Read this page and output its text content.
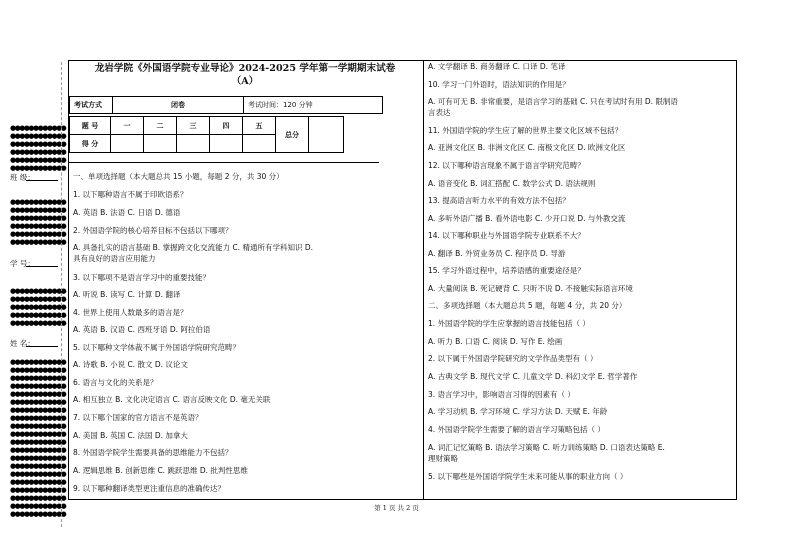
●●●●●●●●●●●●
●●●●●●●●●●●●
●●●●●●●●●●●●
●●●●●●●●●●●●
●●●●●●●●●●●●
●●●●●●●●●●●●
班 级：
●●●●●●●●●●●●
●●●●●●●●●●●●
●●●●●●●●●●●●
●●●●●●●●●●●●
●●●●●●●●●●●●
●●●●●●●●●●●●
学 号：
●●●●●●●●●●●●
●●●●●●●●●●●●
●●●●●●●●●●●●
●●●●●●●●●●●●
●●●●●●●●●●●●
姓 名：
●●●●●●●●●●●●
●●●●●●●●●●●●
●●●●●●●●●●●●
●●●●●●●●●●●●
●●●●●●●●●●●●
●●●●●●●●●●●●
●●●●●●●●●●●●
●●●●●●●●●●●●
●●●●●●●●●●●●
●●●●●●●●●●●●
●●●●●●●●●●●●
●●●●●●●●●●●●
●●●●●●●●●●●●
●●●●●●●●●●●●
●●●●●●●●●●●●
●●●●●●●●●●●●
●●●●●●●●●●●●
●●●●●●●●●●●●
●●●●●●●●●●●●
●●●●●●●●●●●●
龙岩学院《外国语学院专业导论》2024-2025 学年第一学期期末试卷
（A）
考试方式	闭卷	考试时间：120 分钟
题 号	一	二	三	四	五	总分	
得 分							
一、单项选择题（本大题总共 15 小题，每题 2 分，共 30 分）
1. 以下哪种语言不属于印欧语系？
A. 英语 B. 法语 C. 日语 D. 德语
2. 外国语学院的核心培养目标不包括以下哪项？
A. 具备扎实的语言基础 B. 掌握跨文化交流能力 C. 精通所有学科知识 D.
具有良好的语言应用能力
3. 以下哪项不是语言学习中的重要技能？
A. 听说 B. 读写 C. 计算 D. 翻译
4. 世界上使用人数最多的语言是？
A. 英语 B. 汉语 C. 西班牙语 D. 阿拉伯语
5. 以下哪种文学体裁不属于外国语学院研究范畴？
A. 诗歌 B. 小说 C. 散文 D. 议论文
6. 语言与文化的关系是？
A. 相互独立 B. 文化决定语言 C. 语言反映文化 D. 毫无关联
7. 以下哪个国家的官方语言不是英语？
A. 美国 B. 英国 C. 法国 D. 加拿大
8. 外国语学院学生需要具备的思维能力不包括？
A. 逻辑思维 B. 创新思维 C. 跳跃思维 D. 批判性思维
9. 以下哪种翻译类型更注重信息的准确传达？
A. 文学翻译 B. 商务翻译 C. 口译 D. 笔译
10. 学习一门外语时，语法知识的作用是？
A. 可有可无 B. 非常重要，是语言学习的基础 C. 只在考试时有用 D. 限制语
言表达
11. 外国语学院的学生应了解的世界主要文化区域不包括？
A. 亚洲文化区 B. 非洲文化区 C. 南极文化区 D. 欧洲文化区
12. 以下哪种语言现象不属于语言学研究范畴？
A. 语音变化 B. 词汇搭配 C. 数学公式 D. 语法规则
13. 提高语言听力水平的有效方法不包括？
A. 多听外语广播 B. 看外语电影 C. 少开口说 D. 与外教交流
14. 以下哪种职业与外国语学院专业联系不大？
A. 翻译 B. 外贸业务员 C. 程序员 D. 导游
15. 学习外语过程中，培养语感的重要途径是？
A. 大量阅读 B. 死记硬背 C. 只听不说 D. 不接触实际语言环境
二、多项选择题（本大题总共 5 题，每题 4 分，共 20 分）
1. 外国语学院的学生应掌握的语言技能包括（ ）
A. 听力 B. 口语 C. 阅读 D. 写作 E. 绘画
2. 以下属于外国语学院研究的文学作品类型有（ ）
A. 古典文学 B. 现代文学 C. 儿童文学 D. 科幻文学 E. 哲学著作
3. 语言学习中，影响语言习得的因素有（ ）
A. 学习动机 B. 学习环境 C. 学习方法 D. 天赋 E. 年龄
4. 外国语学院学生需要了解的语言学习策略包括（ ）
A. 词汇记忆策略 B. 语法学习策略 C. 听力训练策略 D. 口语表达策略 E.
理财策略
5. 以下哪些是外国语学院学生未来可能从事的职业方向（ ）
第 1 页 共 2 页
